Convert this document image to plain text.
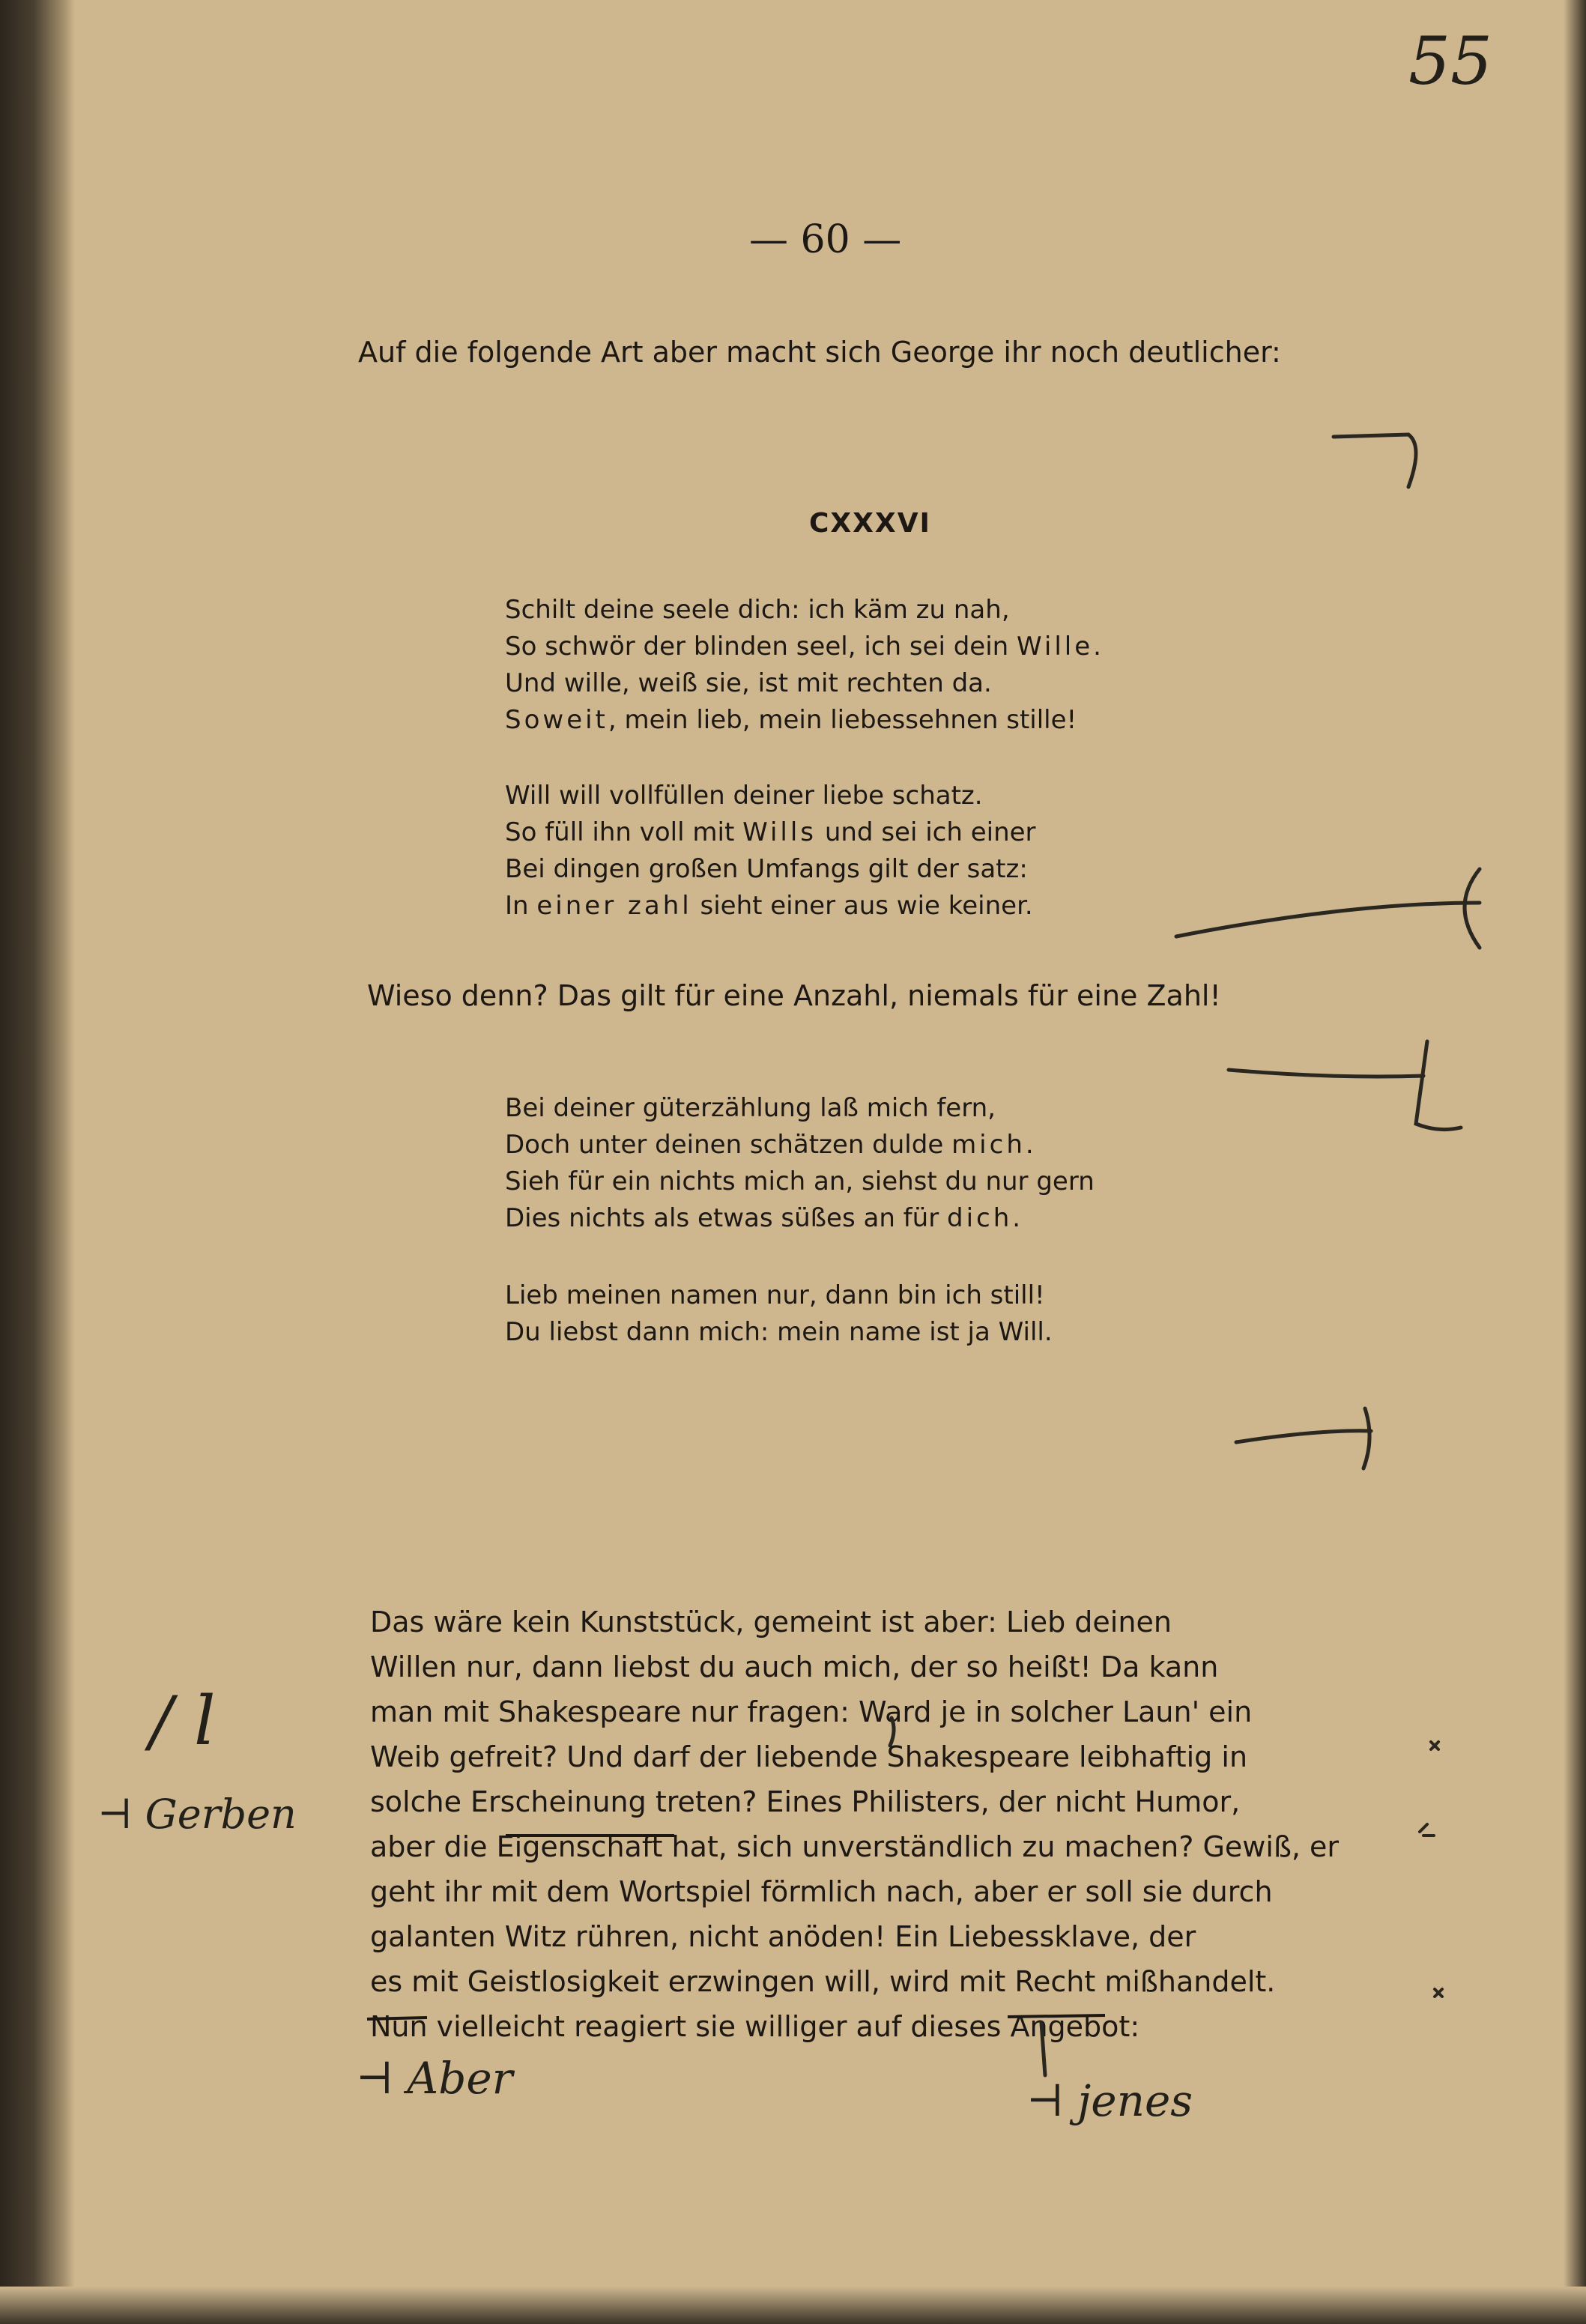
55
— 60 —
Auf die folgende Art aber macht sich George ihr noch deutlicher:
CXXXVI
Schilt deine seele dich: ich käm zu nah,
So schwör der blinden seel, ich sei dein Wille.
Und wille, weiß sie, ist mit rechten da.
Soweit, mein lieb, mein liebessehnen stille!
Will will vollfüllen deiner liebe schatz.
So füll ihn voll mit Wills und sei ich einer
Bei dingen großen Umfangs gilt der satz:
In einer zahl sieht einer aus wie keiner.
Wieso denn? Das gilt für eine Anzahl, niemals für eine Zahl!
Bei deiner güterzählung laß mich fern,
Doch unter deinen schätzen dulde mich.
Sieh für ein nichts mich an, siehst du nur gern
Dies nichts als etwas süßes an für dich.
Lieb meinen namen nur, dann bin ich still!
Du liebst dann mich: mein name ist ja Will.
Das wäre kein Kunststück, gemeint ist aber: Lieb deinen
Willen nur, dann liebst du auch mich, der so heißt! Da kann
man mit Shakespeare nur fragen: Ward je in solcher Laun' ein
Weib gefreit? Und darf der liebende Shakespeare leibhaftig in
solche Erscheinung treten? Eines Philisters, der nicht Humor,
aber die Eigenschaft hat, sich unverständlich zu machen? Gewiß, er
geht ihr mit dem Wortspiel förmlich nach, aber er soll sie durch
galanten Witz rühren, nicht anöden! Ein Liebessklave, der
es mit Geistlosigkeit erzwingen will, wird mit Recht mißhandelt.
Nun vielleicht reagiert sie williger auf dieses Angebot:
/ l
⊣ Gerben
⊣ Aber	⊣ jenes
